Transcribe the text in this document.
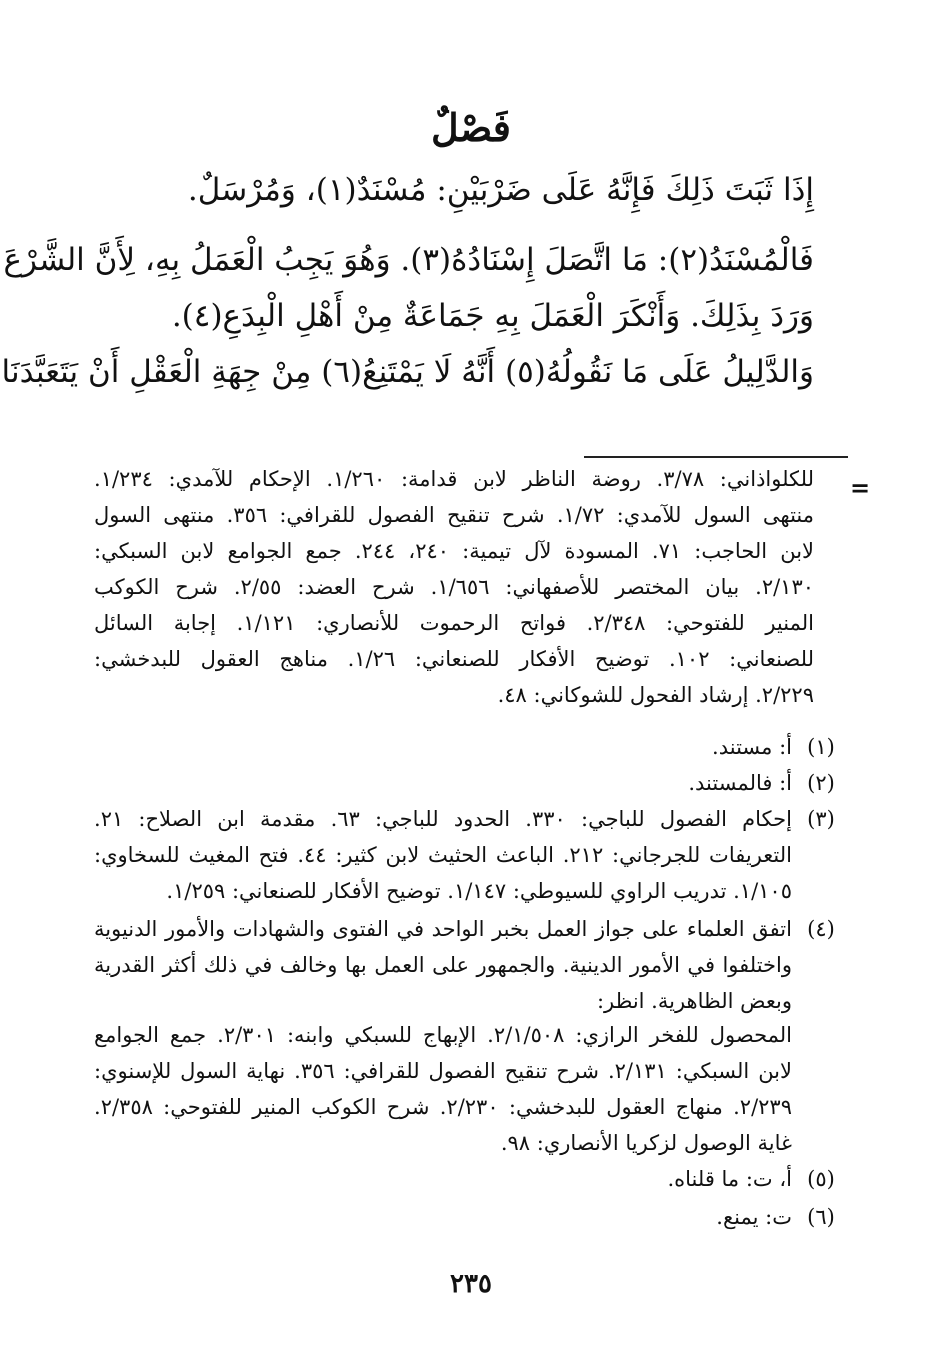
فَصْلٌ
إِذَا ثَبَتَ ذَلِكَ فَإِنَّهُ عَلَى ضَرْبَيْنِ: مُسْنَدٌ(١)، وَمُرْسَلٌ.
فَالْمُسْنَدُ(٢): مَا اتَّصَلَ إِسْنَادُهُ(٣). وَهُوَ يَجِبُ الْعَمَلُ بِهِ، لِأَنَّ الشَّرْعَ
وَرَدَ بِذَلِكَ. وَأَنْكَرَ الْعَمَلَ بِهِ جَمَاعَةٌ مِنْ أَهْلِ الْبِدَعِ(٤).
وَالدَّلِيلُ عَلَى مَا نَقُولُهُ(٥) أَنَّهُ لَا يَمْتَنِعُ(٦) مِنْ جِهَةِ الْعَقْلِ أَنْ يَتَعَبَّدَنَا
=
للكلواذاني: ٣/٧٨. روضة الناظر لابن قدامة: ١/٢٦٠. الإحكام للآمدي: ١/٢٣٤.
منتهى السول للآمدي: ١/٧٢. شرح تنقيح الفصول للقرافي: ٣٥٦. منتهى السول
لابن الحاجب: ٧١. المسودة لآل تيمية: ٢٤٠، ٢٤٤. جمع الجوامع لابن السبكي:
٢/١٣٠. بيان المختصر للأصفهاني: ١/٦٥٦. شرح العضد: ٢/٥٥. شرح الكوكب
المنير للفتوحي: ٢/٣٤٨. فواتح الرحموت للأنصاري: ١/١٢١. إجابة السائل
للصنعاني: ١٠٢. توضيح الأفكار للصنعاني: ١/٢٦. مناهج العقول للبدخشي:
٢/٢٢٩. إرشاد الفحول للشوكاني: ٤٨.
(١)
أ: مستند.
(٢)
أ: فالمستند.
(٣)
إحكام الفصول للباجي: ٣٣٠. الحدود للباجي: ٦٣. مقدمة ابن الصلاح: ٢١.
التعريفات للجرجاني: ٢١٢. الباعث الحثيث لابن كثير: ٤٤. فتح المغيث للسخاوي:
١/١٠٥. تدريب الراوي للسيوطي: ١/١٤٧. توضيح الأفكار للصنعاني: ١/٢٥٩.
(٤)
اتفق العلماء على جواز العمل بخبر الواحد في الفتوى والشهادات والأمور الدنيوية
واختلفوا في الأمور الدينية. والجمهور على العمل بها وخالف في ذلك أكثر القدرية
وبعض الظاهرية. انظر:
المحصول للفخر الرازي: ٢/١/٥٠٨. الإبهاج للسبكي وابنه: ٢/٣٠١. جمع الجوامع
لابن السبكي: ٢/١٣١. شرح تنقيح الفصول للقرافي: ٣٥٦. نهاية السول للإسنوي:
٢/٢٣٩. منهاج العقول للبدخشي: ٢/٢٣٠. شرح الكوكب المنير للفتوحي: ٢/٣٥٨.
غاية الوصول لزكريا الأنصاري: ٩٨.
(٥)
أ، ت: ما قلناه.
(٦)
ت: يمنع.
٢٣٥
